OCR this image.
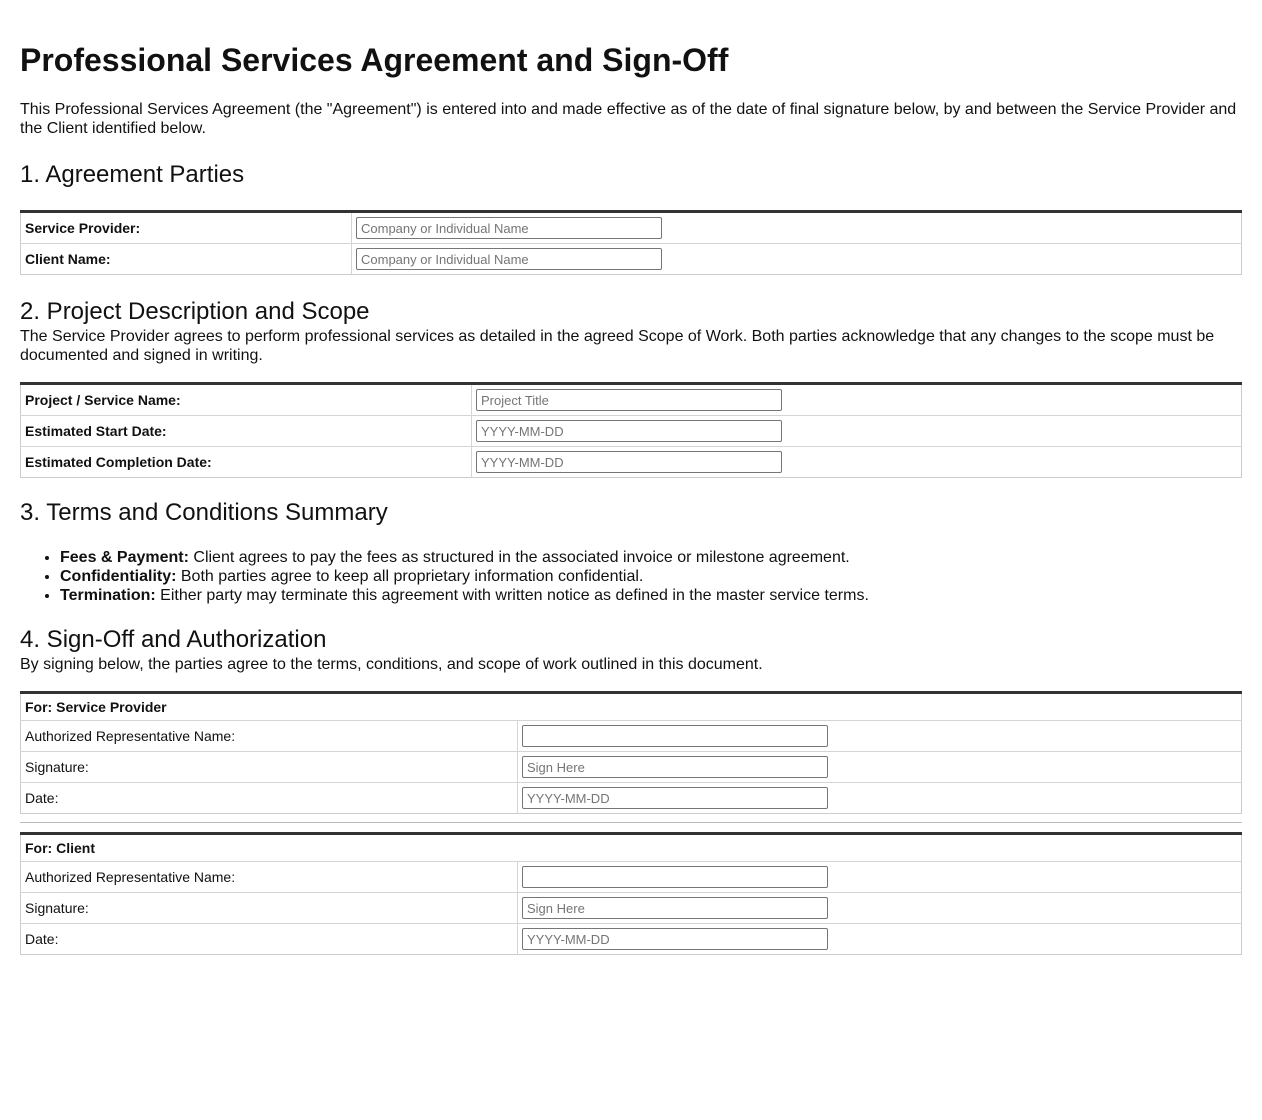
Professional Services Agreement and Sign-Off

This Professional Services Agreement (the "Agreement") is entered into and made effective as of the date of final signature below, by and between the Service Provider and the Client identified below.

1. Agreement Parties
Service Provider:	
Company or Individual Name
Client Name:	
Company or Individual Name
2. Project Description and Scope

The Service Provider agrees to perform professional services as detailed in the agreed Scope of Work. Both parties acknowledge that any changes to the scope must be documented and signed in writing.

Project / Service Name:	
Project Title
Estimated Start Date:	
YYYY-MM-DD
Estimated Completion Date:	
YYYY-MM-DD
3. Terms and Conditions Summary
• Fees & Payment: Client agrees to pay the fees as structured in the associated invoice or milestone agreement.
• Confidentiality: Both parties agree to keep all proprietary information confidential.
• Termination: Either party may terminate this agreement with written notice as defined in the master service terms.
4. Sign-Off and Authorization

By signing below, the parties agree to the terms, conditions, and scope of work outlined in this document.

For: Service Provider	
Authorized Representative Name:	

Signature:	
Sign Here
Date:	
YYYY-MM-DD
For: Client	
Authorized Representative Name:	

Signature:	
Sign Here
Date:	
YYYY-MM-DD
